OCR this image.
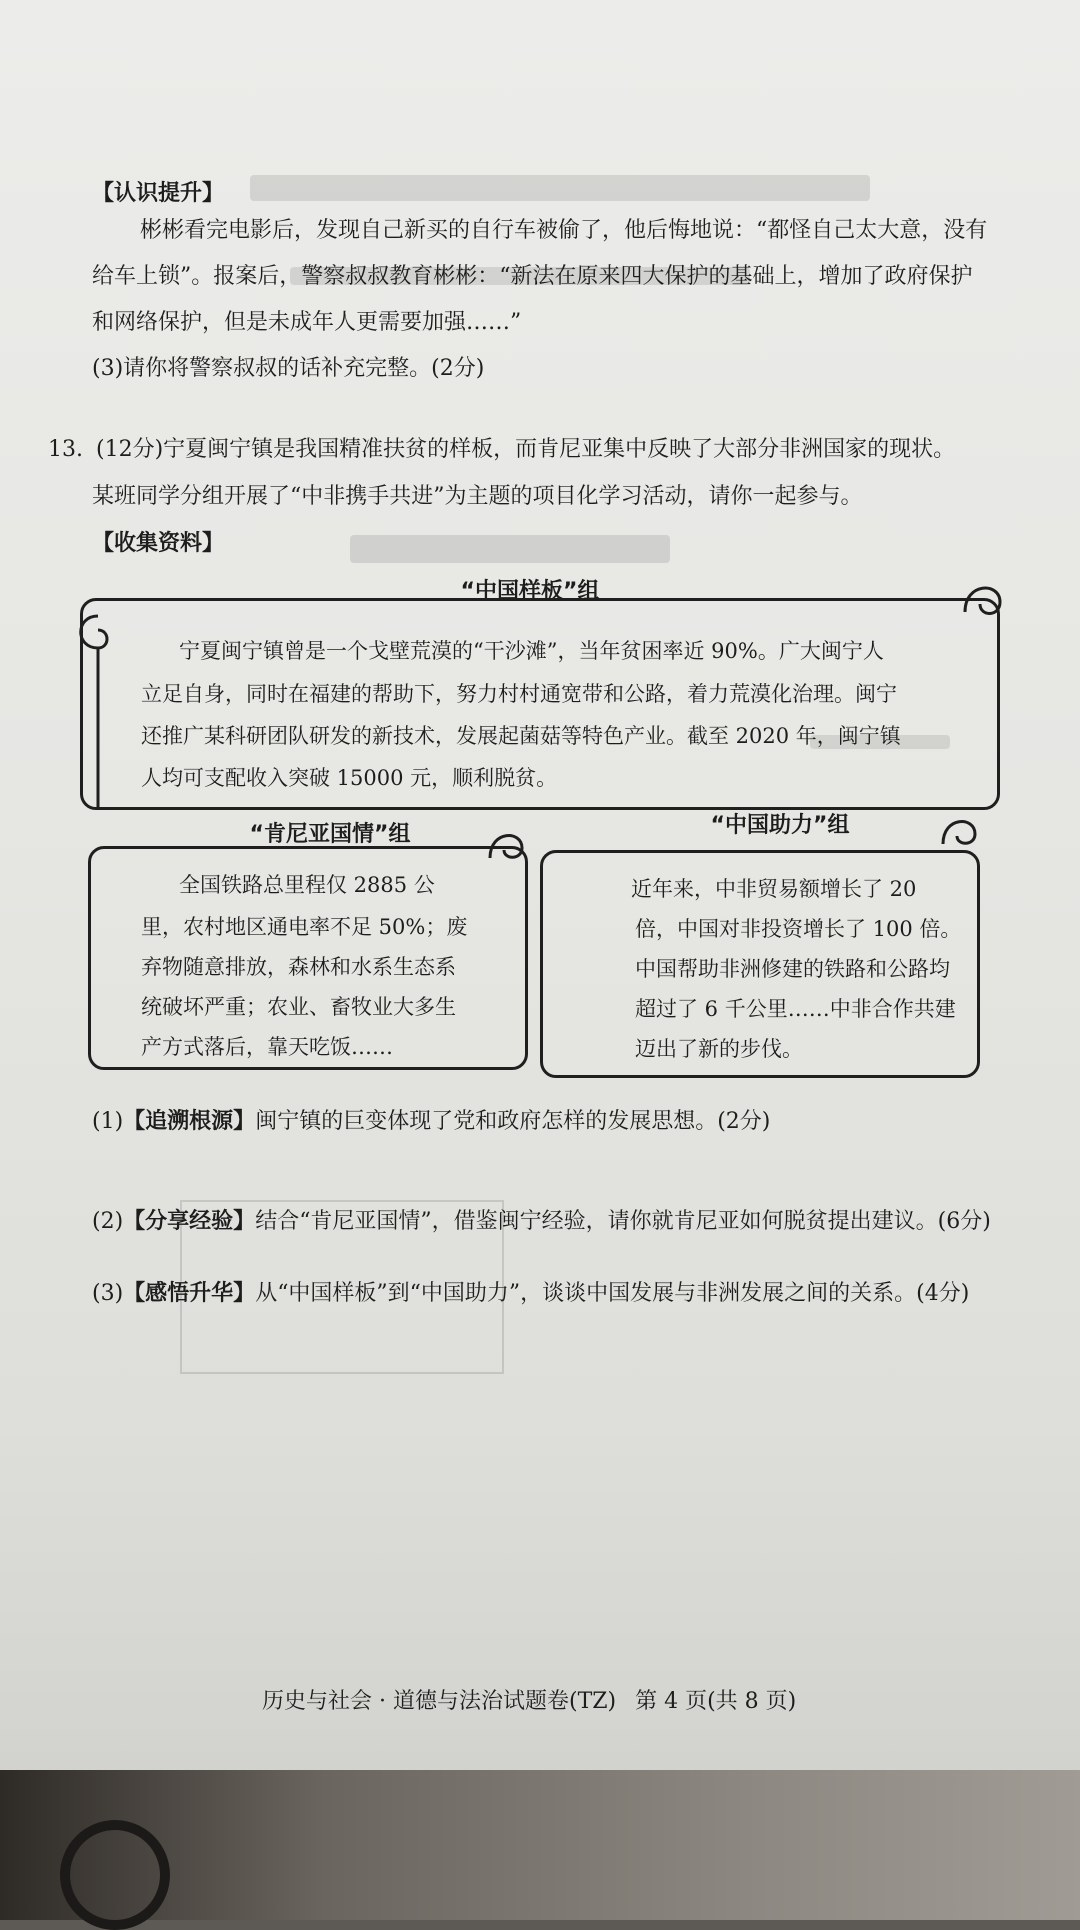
【认识提升】
彬彬看完电影后，发现自己新买的自行车被偷了，他后悔地说：“都怪自己太大意，没有
给车上锁”。报案后，警察叔叔教育彬彬：“新法在原来四大保护的基础上，增加了政府保护
和网络保护，但是未成年人更需要加强……”
(3)请你将警察叔叔的话补充完整。(2分)
13. (12分)宁夏闽宁镇是我国精准扶贫的样板，而肯尼亚集中反映了大部分非洲国家的现状。
某班同学分组开展了“中非携手共进”为主题的项目化学习活动，请你一起参与。
【收集资料】
“中国样板”组
宁夏闽宁镇曾是一个戈壁荒漠的“干沙滩”，当年贫困率近 90%。广大闽宁人
立足自身，同时在福建的帮助下，努力村村通宽带和公路，着力荒漠化治理。闽宁
还推广某科研团队研发的新技术，发展起菌菇等特色产业。截至 2020 年，闽宁镇
人均可支配收入突破 15000 元，顺利脱贫。
“肯尼亚国情”组
全国铁路总里程仅 2885 公
里，农村地区通电率不足 50%；废
弃物随意排放，森林和水系生态系
统破坏严重；农业、畜牧业大多生
产方式落后，靠天吃饭……
“中国助力”组
近年来，中非贸易额增长了 20
倍，中国对非投资增长了 100 倍。
中国帮助非洲修建的铁路和公路均
超过了 6 千公里……中非合作共建
迈出了新的步伐。
(1)【追溯根源】闽宁镇的巨变体现了党和政府怎样的发展思想。(2分)
(2)【分享经验】结合“肯尼亚国情”，借鉴闽宁经验，请你就肯尼亚如何脱贫提出建议。(6分)
(3)【感悟升华】从“中国样板”到“中国助力”，谈谈中国发展与非洲发展之间的关系。(4分)
历史与社会 · 道德与法治试题卷(TZ) 第 4 页(共 8 页)
